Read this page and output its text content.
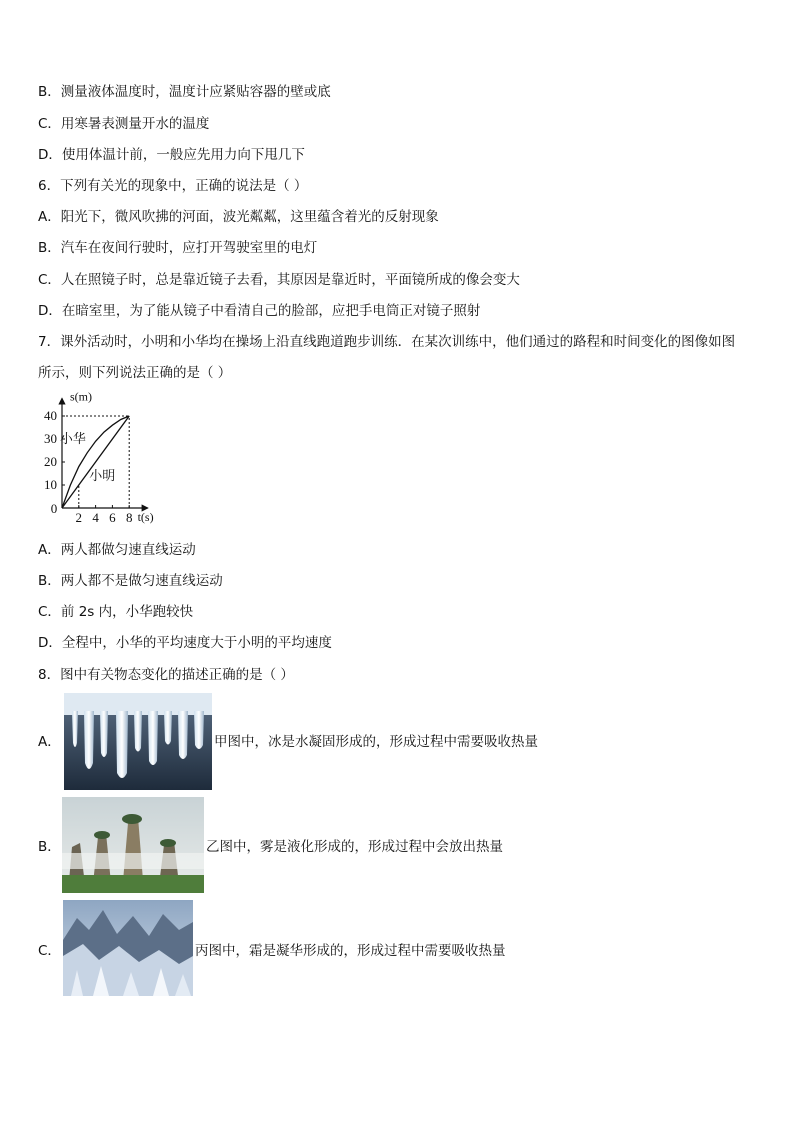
B．测量液体温度时，温度计应紧贴容器的壁或底
C．用寒暑表测量开水的温度
D．使用体温计前，一般应先用力向下甩几下
6．下列有关光的现象中，正确的说法是（ ）
A．阳光下，微风吹拂的河面，波光粼粼，这里蕴含着光的反射现象
B．汽车在夜间行驶时，应打开驾驶室里的电灯
C．人在照镜子时，总是靠近镜子去看，其原因是靠近时，平面镜所成的像会变大
D．在暗室里，为了能从镜子中看清自己的脸部，应把手电筒正对镜子照射
7．课外活动时，小明和小华均在操场上沿直线跑道跑步训练．在某次训练中，他们通过的路程和时间变化的图像如图
所示，则下列说法正确的是（ ）
s(m)
t(s)
0
2 4 6 8
10
20
30
40
小华
小明
A．两人都做匀速直线运动
B．两人都不是做匀速直线运动
C．前 2s 内，小华跑较快
D．全程中，小华的平均速度大于小明的平均速度
8．图中有关物态变化的描述正确的是（ ）
A．	甲图中，冰是水凝固形成的，形成过程中需要吸收热量
B．	乙图中，雾是液化形成的，形成过程中会放出热量
C．	丙图中，霜是凝华形成的，形成过程中需要吸收热量
